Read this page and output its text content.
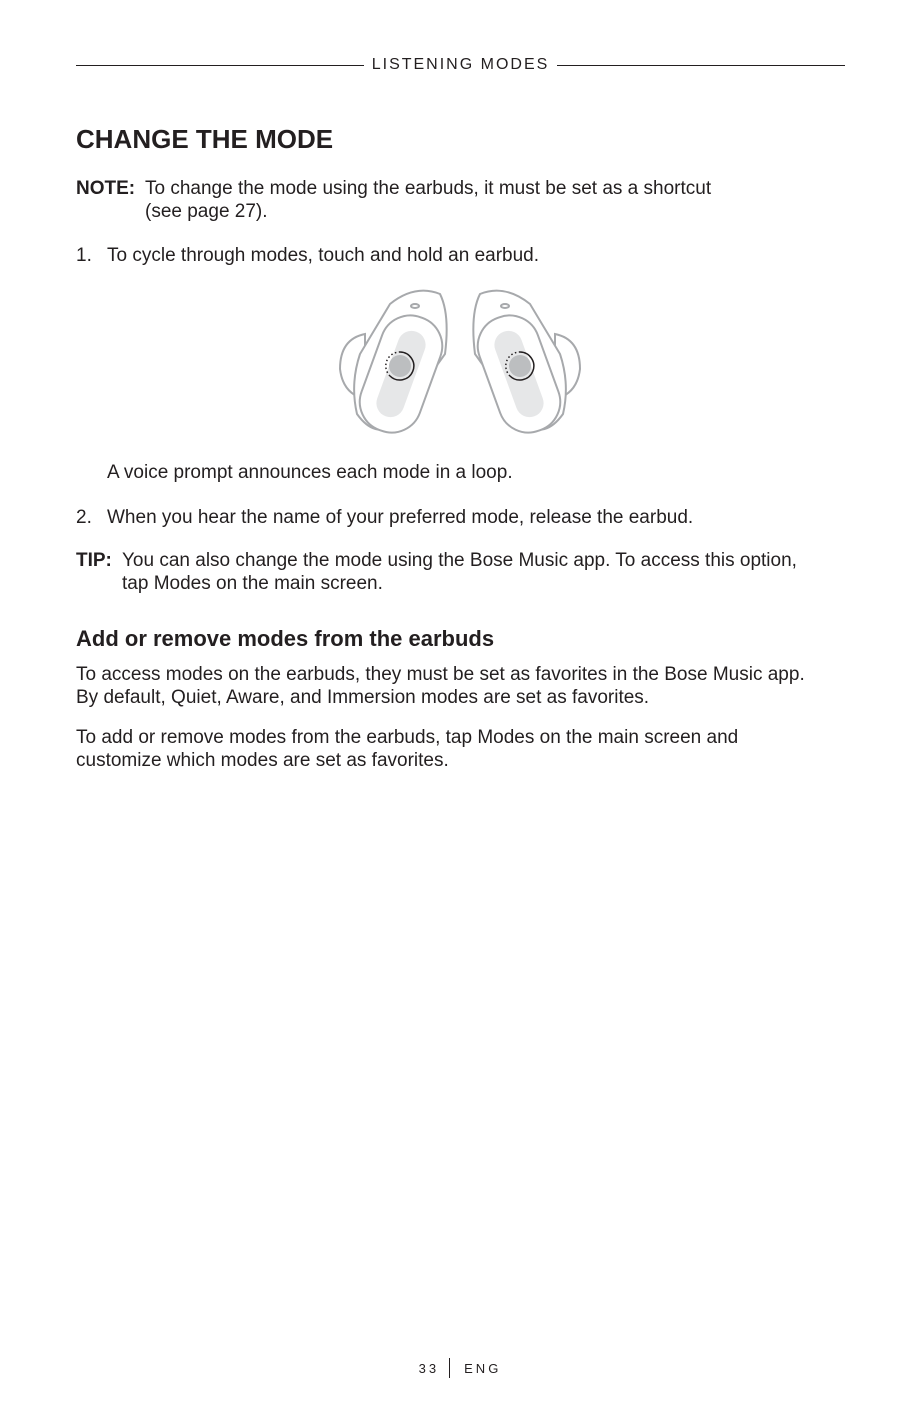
LISTENING MODES
CHANGE THE MODE
NOTE: To change the mode using the earbuds, it must be set as a shortcut
(see page 27).
1. To cycle through modes, touch and hold an earbud.
A voice prompt announces each mode in a loop.
2. When you hear the name of your preferred mode, release the earbud.
TIP: You can also change the mode using the Bose Music app. To access this option,
tap Modes on the main screen.
Add or remove modes from the earbuds
To access modes on the earbuds, they must be set as favorites in the Bose Music app.
By default, Quiet, Aware, and Immersion modes are set as favorites.
To add or remove modes from the earbuds, tap Modes on the main screen and
customize which modes are set as favorites.
33 ENG
